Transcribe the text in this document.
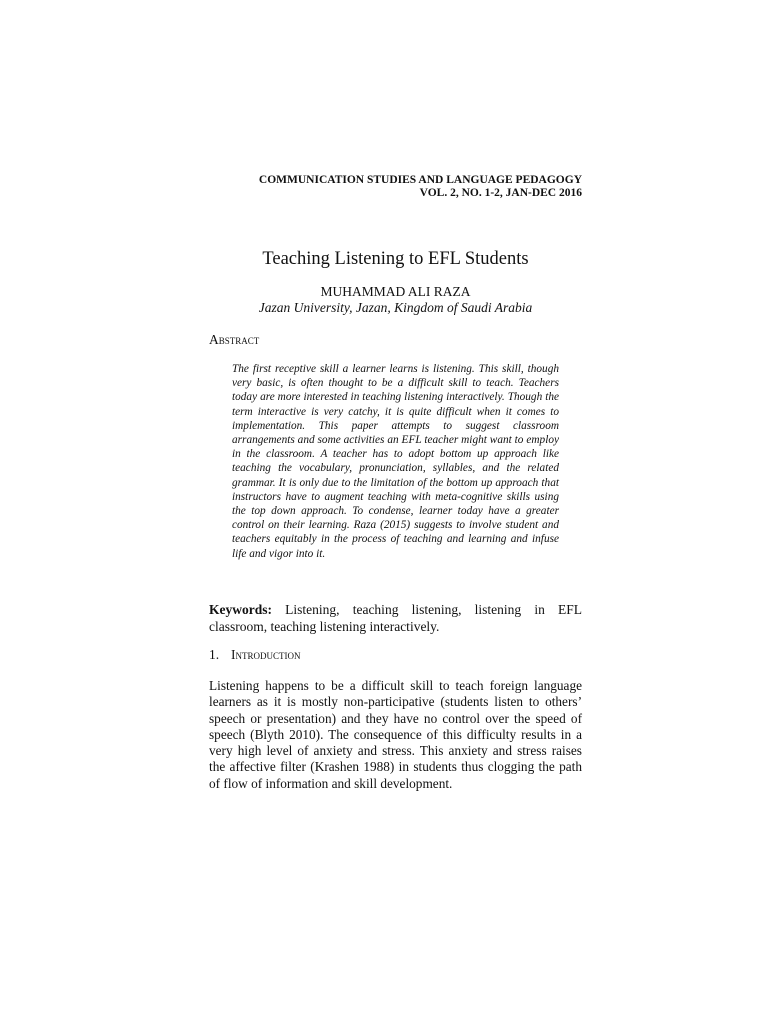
COMMUNICATION STUDIES AND LANGUAGE PEDAGOGY
VOL. 2, NO. 1-2, JAN-DEC 2016
Teaching Listening to EFL Students
MUHAMMAD ALI RAZA
Jazan University, Jazan, Kingdom of Saudi Arabia
Abstract
The first receptive skill a learner learns is listening. This skill, though very basic, is often thought to be a difficult skill to teach. Teachers today are more interested in teaching listening interactively. Though the term interactive is very catchy, it is quite difficult when it comes to implementation. This paper attempts to suggest classroom arrangements and some activities an EFL teacher might want to employ in the classroom. A teacher has to adopt bottom up approach like teaching the vocabulary, pronunciation, syllables, and the related grammar. It is only due to the limitation of the bottom up approach that instructors have to augment teaching with meta-cognitive skills using the top down approach. To condense, learner today have a greater control on their learning. Raza (2015) suggests to involve student and teachers equitably in the process of teaching and learning and infuse life and vigor into it.
Keywords: Listening, teaching listening, listening in EFL classroom, teaching listening interactively.
1. Introduction
Listening happens to be a difficult skill to teach foreign language learners as it is mostly non-participative (students listen to others’ speech or presentation) and they have no control over the speed of speech (Blyth 2010). The consequence of this difficulty results in a very high level of anxiety and stress. This anxiety and stress raises the affective filter (Krashen 1988) in students thus clogging the path of flow of information and skill development.
